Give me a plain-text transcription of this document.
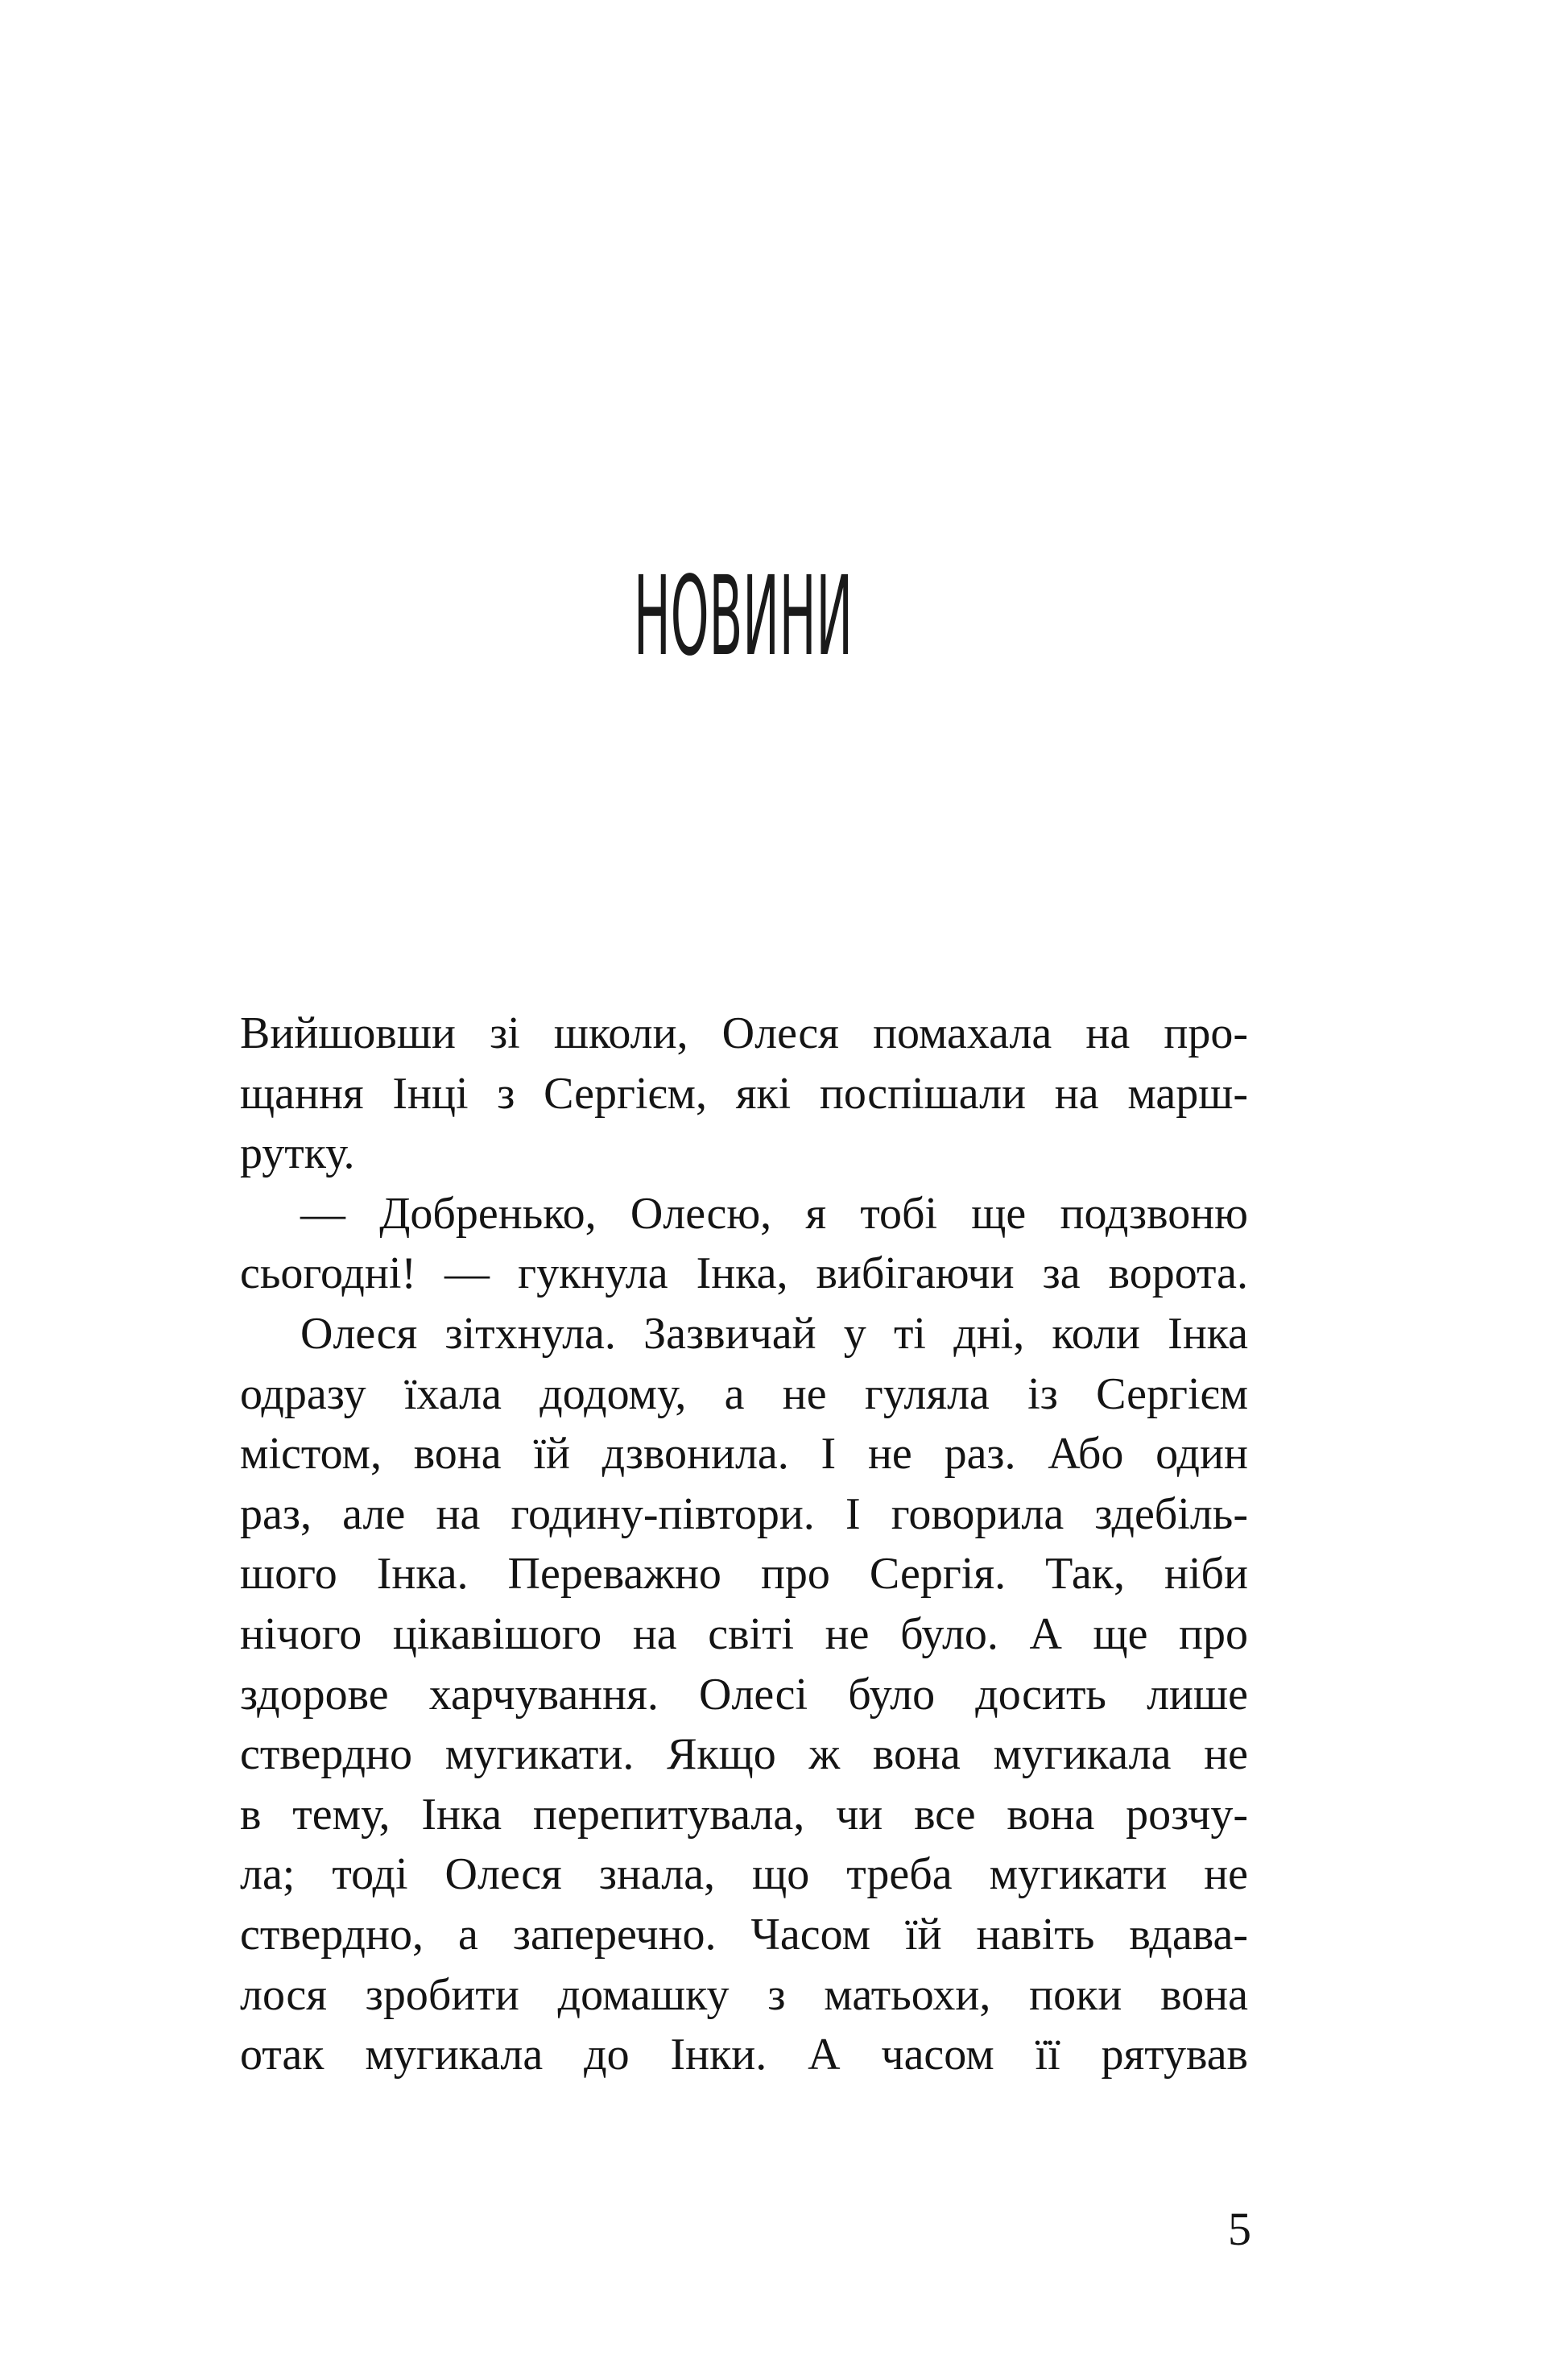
НОВИНИ
Вийшовши зі школи, Олеся помахала на про-
щання Інці з Сергієм, які поспішали на марш-
рутку.
— Добренько, Олесю, я тобі ще подзвоню
сьогодні! — гукнула Інка, вибігаючи за ворота.
Олеся зітхнула. Зазвичай у ті дні, коли Інка
одразу їхала додому, а не гуляла із Сергієм
містом, вона їй дзвонила. І не раз. Або один
раз, але на годину-півтори. І говорила здебіль-
шого Інка. Переважно про Сергія. Так, ніби
нічого цікавішого на світі не було. А ще про
здорове харчування. Олесі було досить лише
ствердно мугикати. Якщо ж вона мугикала не
в тему, Інка перепитувала, чи все вона розчу-
ла; тоді Олеся знала, що треба мугикати не
ствердно, а заперечно. Часом їй навіть вдава-
лося зробити домашку з матьохи, поки вона
отак мугикала до Інки. А часом її рятував
5
